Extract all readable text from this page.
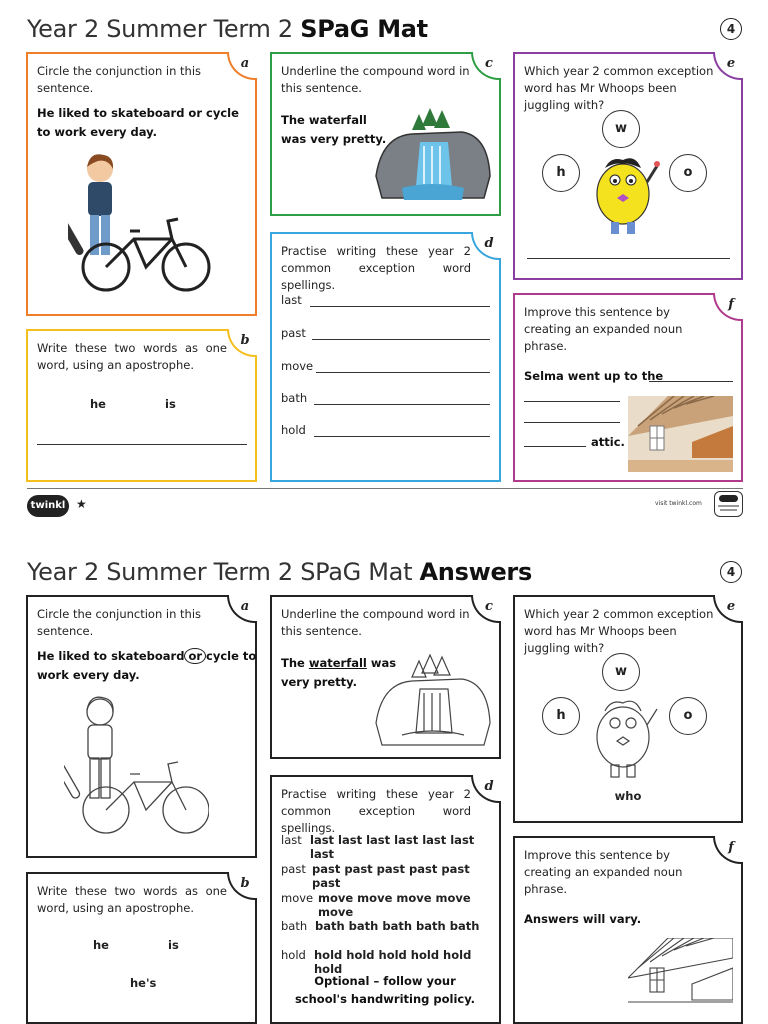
Year 2 Summer Term 2 SPaG Mat	4
a
Circle the conjunction in this sentence.
He liked to skateboard or cycle to work every day.
b
Write these two words as one word, using an apostrophe.
he	is
c
Underline the compound word in this sentence.
The waterfall was very pretty.
d
Practise writing these year 2 common exception word spellings.
last
past
move
bath
hold
e
Which year 2 common exception word has Mr Whoops been juggling with?
w
h	o
f
Improve this sentence by creating an expanded noun phrase.
Selma went up to the
attic.
twinkl ★	visit twinkl.com
Year 2 Summer Term 2 SPaG Mat Answers	4
a
Circle the conjunction in this sentence.
He liked to skateboard or cycle to
work every day.
b
Write these two words as one word, using an apostrophe.
he	is
he's
c
Underline the compound word in this sentence.
The waterfall was
very pretty.
d
Practise writing these year 2 common exception word spellings.
last last last last last last last last
past past past past past past past
move move move move move move
bath bath bath bath bath bath
hold hold hold hold hold hold hold
Optional – follow your school's handwriting policy.
e
Which year 2 common exception word has Mr Whoops been juggling with?
w
h	o
who
f
Improve this sentence by creating an expanded noun phrase.
Answers will vary.
